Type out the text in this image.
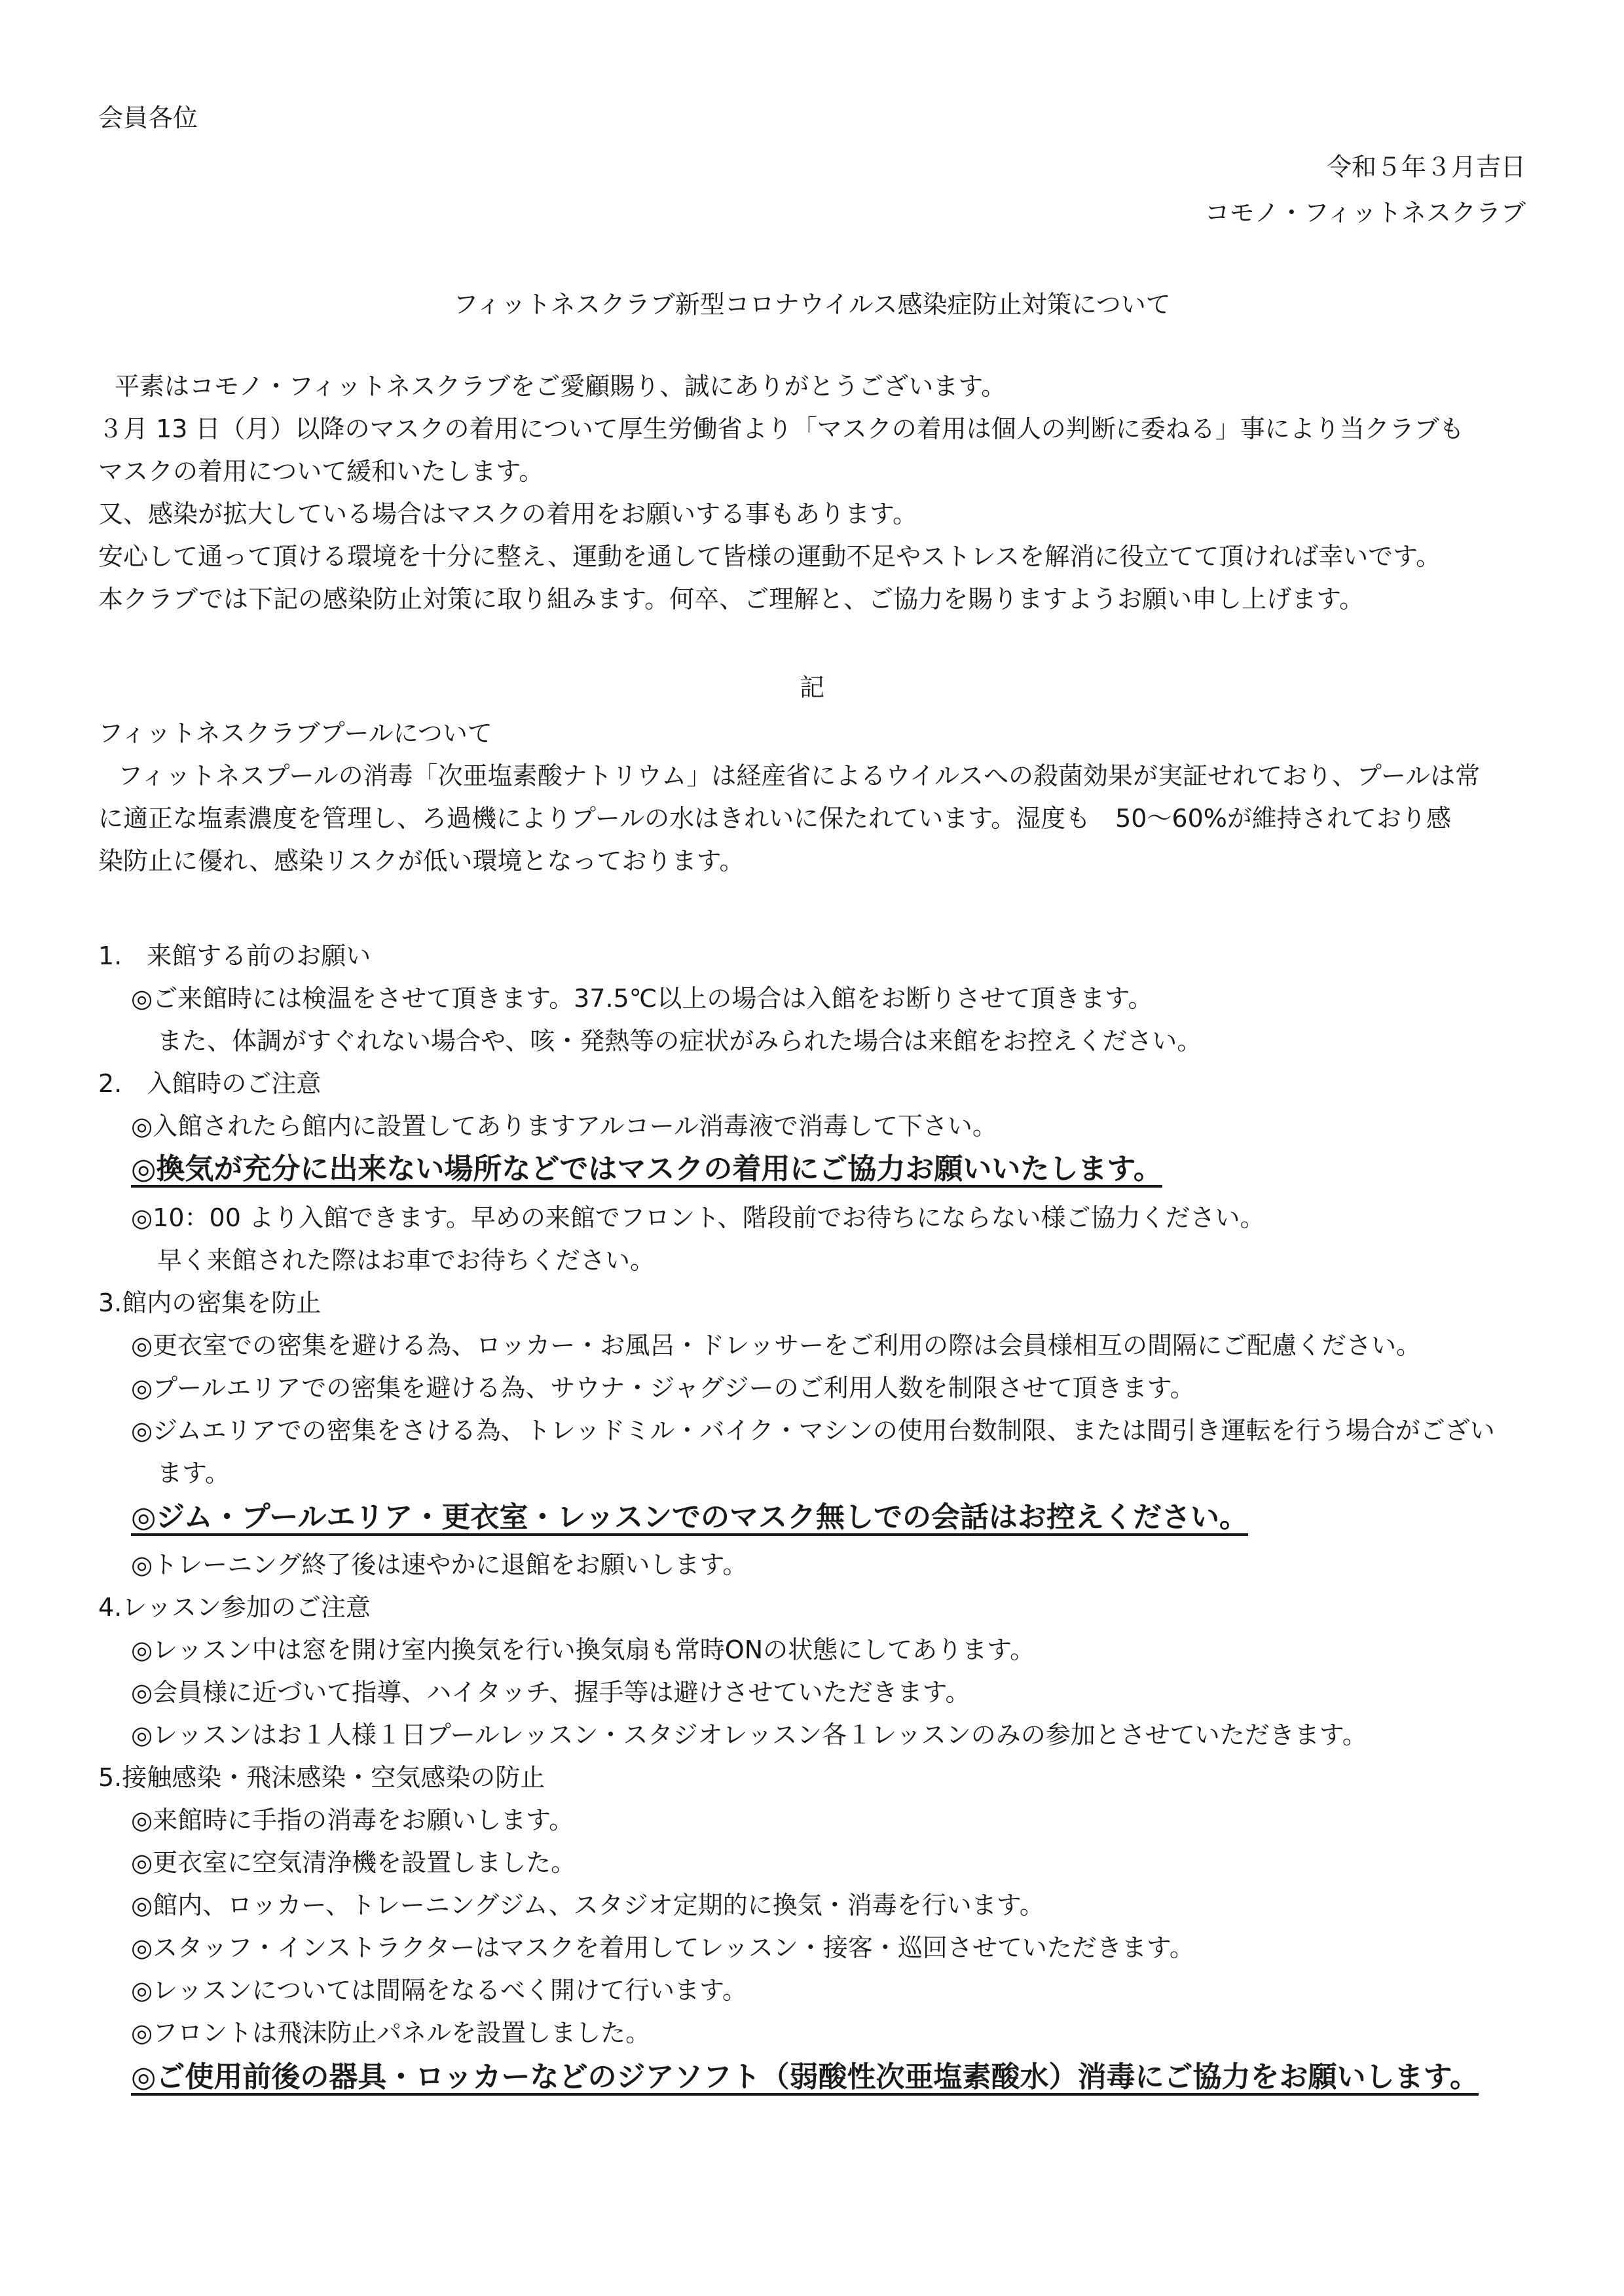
会員各位
令和５年３月吉日
コモノ・フィットネスクラブ
フィットネスクラブ新型コロナウイルス感染症防止対策について
平素はコモノ・フィットネスクラブをご愛顧賜り、誠にありがとうございます。
３月 13 日（月）以降のマスクの着用について厚生労働省より「マスクの着用は個人の判断に委ねる」事により当クラブも
マスクの着用について緩和いたします。
又、感染が拡大している場合はマスクの着用をお願いする事もあります。
安心して通って頂ける環境を十分に整え、運動を通して皆様の運動不足やストレスを解消に役立てて頂ければ幸いです。
本クラブでは下記の感染防止対策に取り組みます。何卒、ご理解と、ご協力を賜りますようお願い申し上げます。
記
フィットネスクラブプールについて
フィットネスプールの消毒「次亜塩素酸ナトリウム」は経産省によるウイルスへの殺菌効果が実証せれており、プールは常
に適正な塩素濃度を管理し、ろ過機によりプールの水はきれいに保たれています。湿度も　50～60%が維持されており感
染防止に優れ、感染リスクが低い環境となっております。
1.　来館する前のお願い
◎ご来館時には検温をさせて頂きます。37.5℃以上の場合は入館をお断りさせて頂きます。
また、体調がすぐれない場合や、咳・発熱等の症状がみられた場合は来館をお控えください。
2.　入館時のご注意
◎入館されたら館内に設置してありますアルコール消毒液で消毒して下さい。
◎換気が充分に出来ない場所などではマスクの着用にご協力お願いいたします。
◎10：00 より入館できます。早めの来館でフロント、階段前でお待ちにならない様ご協力ください。
早く来館された際はお車でお待ちください。
3.館内の密集を防止
◎更衣室での密集を避ける為、ロッカー・お風呂・ドレッサーをご利用の際は会員様相互の間隔にご配慮ください。
◎プールエリアでの密集を避ける為、サウナ・ジャグジーのご利用人数を制限させて頂きます。
◎ジムエリアでの密集をさける為、トレッドミル・バイク・マシンの使用台数制限、または間引き運転を行う場合がござい
ます。
◎ジム・プールエリア・更衣室・レッスンでのマスク無しでの会話はお控えください。
◎トレーニング終了後は速やかに退館をお願いします。
4.レッスン参加のご注意
◎レッスン中は窓を開け室内換気を行い換気扇も常時ONの状態にしてあります。
◎会員様に近づいて指導、ハイタッチ、握手等は避けさせていただきます。
◎レッスンはお１人様１日プールレッスン・スタジオレッスン各１レッスンのみの参加とさせていただきます。
5.接触感染・飛沫感染・空気感染の防止
◎来館時に手指の消毒をお願いします。
◎更衣室に空気清浄機を設置しました。
◎館内、ロッカー、トレーニングジム、スタジオ定期的に換気・消毒を行います。
◎スタッフ・インストラクターはマスクを着用してレッスン・接客・巡回させていただきます。
◎レッスンについては間隔をなるべく開けて行います。
◎フロントは飛沫防止パネルを設置しました。
◎ご使用前後の器具・ロッカーなどのジアソフト（弱酸性次亜塩素酸水）消毒にご協力をお願いします。
